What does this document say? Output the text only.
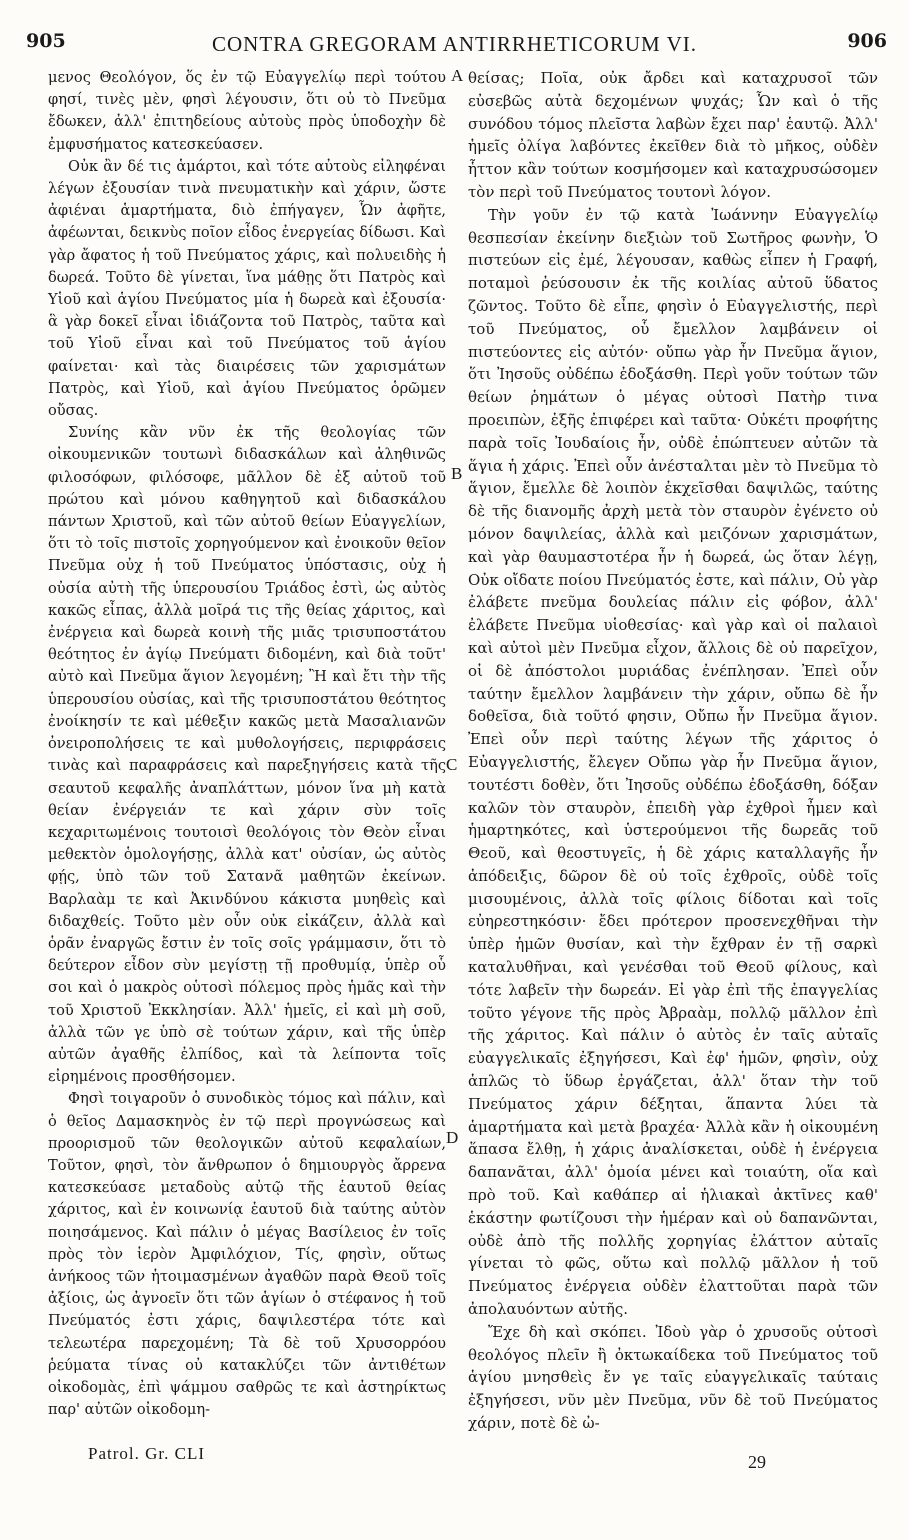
905	CONTRA GREGORAM ANTIRRHETICORUM VI.	906

μενος Θεολόγον, ὅς ἐν τῷ Εὐαγγελίῳ περὶ τούτου φησί, τινὲς μὲν, φησὶ λέγουσιν, ὅτι οὐ τὸ Πνεῦμα ἔδωκεν, ἀλλ' ἐπιτηδείους αὐτοὺς πρὸς ὑποδοχὴν δὲ ἐμφυσήματος κατεσκεύασεν.

Οὐκ ἂν δέ τις ἁμάρτοι, καὶ τότε αὐτοὺς εἰληφέναι λέγων ἐξουσίαν τινὰ πνευματικὴν καὶ χάριν, ὥστε ἀφιέναι ἁμαρτήματα, διὸ ἐπήγαγεν, Ὧν ἀφῆτε, ἀφέωνται, δεικνὺς ποῖον εἶδος ἐνεργείας δίδωσι. Καὶ γὰρ ἄφατος ἡ τοῦ Πνεύματος χάρις, καὶ πολυειδὴς ἡ δωρεά. Τοῦτο δὲ γίνεται, ἵνα μάθῃς ὅτι Πατρὸς καὶ Υἱοῦ καὶ ἁγίου Πνεύματος μία ἡ δωρεὰ καὶ ἐξουσία· ἃ γὰρ δοκεῖ εἶναι ἰδιάζοντα τοῦ Πατρὸς, ταῦτα καὶ τοῦ Υἱοῦ εἶναι καὶ τοῦ Πνεύματος τοῦ ἁγίου φαίνεται· καὶ τὰς διαιρέσεις τῶν χαρισμάτων Πατρὸς, καὶ Υἱοῦ, καὶ ἁγίου Πνεύματος ὁρῶμεν οὔσας.

Συνίης κἂν νῦν ἐκ τῆς θεολογίας τῶν οἰκουμενικῶν τουτωνὶ διδασκάλων καὶ ἀληθινῶς φιλοσόφων, φιλόσοφε, μᾶλλον δὲ ἐξ αὐτοῦ τοῦ πρώτου καὶ μόνου καθηγητοῦ καὶ διδασκάλου πάντων Χριστοῦ, καὶ τῶν αὐτοῦ θείων Εὐαγγελίων, ὅτι τὸ τοῖς πιστοῖς χορηγούμενον καὶ ἐνοικοῦν θεῖον Πνεῦμα οὐχ ἡ τοῦ Πνεύματος ὑπόστασις, οὐχ ἡ οὐσία αὐτὴ τῆς ὑπερουσίου Τριάδος ἐστὶ, ὡς αὐτὸς κακῶς εἶπας, ἀλλὰ μοῖρά τις τῆς θείας χάριτος, καὶ ἐνέργεια καὶ δωρεὰ κοινὴ τῆς μιᾶς τρισυποστάτου θεότητος ἐν ἁγίῳ Πνεύματι διδομένη, καὶ διὰ τοῦτ' αὐτὸ καὶ Πνεῦμα ἅγιον λεγομένη; Ἢ καὶ ἔτι τὴν τῆς ὑπερουσίου οὐσίας, καὶ τῆς τρισυποστάτου θεότητος ἐνοίκησίν τε καὶ μέθεξιν κακῶς μετὰ Μασαλιανῶν ὀνειροπολήσεις τε καὶ μυθολογήσεις, περιφράσεις τινὰς καὶ παραφράσεις καὶ παρεξηγήσεις κατὰ τῆς σεαυτοῦ κεφαλῆς ἀναπλάττων, μόνον ἵνα μὴ κατὰ θείαν ἐνέργειάν τε καὶ χάριν σὺν τοῖς κεχαριτωμένοις τουτοισὶ θεολόγοις τὸν Θεὸν εἶναι μεθεκτὸν ὁμολογήσῃς, ἀλλὰ κατ' οὐσίαν, ὡς αὐτὸς φῄς, ὑπὸ τῶν τοῦ Σατανᾶ μαθητῶν ἐκείνων. Βαρλαὰμ τε καὶ Ἀκινδύνου κάκιστα μυηθεὶς καὶ διδαχθείς. Τοῦτο μὲν οὖν οὐκ εἰκάζειν, ἀλλὰ καὶ ὁρᾶν ἐναργῶς ἔστιν ἐν τοῖς σοῖς γράμμασιν, ὅτι τὸ δεύτερον εἶδον σὺν μεγίστῃ τῇ προθυμίᾳ, ὑπὲρ οὗ σοι καὶ ὁ μακρὸς οὑτοσὶ πόλεμος πρὸς ἡμᾶς καὶ τὴν τοῦ Χριστοῦ Ἐκκλησίαν. Ἀλλ' ἡμεῖς, εἰ καὶ μὴ σοῦ, ἀλλὰ τῶν γε ὑπὸ σὲ τούτων χάριν, καὶ τῆς ὑπὲρ αὐτῶν ἀγαθῆς ἐλπίδος, καὶ τὰ λείποντα τοῖς εἰρημένοις προσθήσομεν.

Φησὶ τοιγαροῦν ὁ συνοδικὸς τόμος καὶ πάλιν, καὶ ὁ θεῖος Δαμασκηνὸς ἐν τῷ περὶ προγνώσεως καὶ προορισμοῦ τῶν θεολογικῶν αὐτοῦ κεφαλαίων, Τοῦτον, φησὶ, τὸν ἄνθρωπον ὁ δημιουργὸς ἄρρενα κατεσκεύασε μεταδοὺς αὐτῷ τῆς ἑαυτοῦ θείας χάριτος, καὶ ἐν κοινωνίᾳ ἑαυτοῦ διὰ ταύτης αὐτὸν ποιησάμενος. Καὶ πάλιν ὁ μέγας Βασίλειος ἐν τοῖς πρὸς τὸν ἱερὸν Ἀμφιλόχιον, Τίς, φησὶν, οὕτως ἀνήκοος τῶν ἡτοιμασμένων ἀγαθῶν παρὰ Θεοῦ τοῖς ἀξίοις, ὡς ἀγνοεῖν ὅτι τῶν ἁγίων ὁ στέφανος ἡ τοῦ Πνεύματός ἐστι χάρις, δαψιλεστέρα τότε καὶ τελεωτέρα παρεχομένη; Τὰ δὲ τοῦ Χρυσορρόου ῥεύματα τίνας οὐ κατακλύζει τῶν ἀντιθέτων οἰκοδομὰς, ἐπὶ ψάμμου σαθρῶς τε καὶ ἀστηρίκτως παρ' αὐτῶν οἰκοδομη-

A
B
C
D

θείσας; Ποῖα, οὐκ ἄρδει καὶ καταχρυσοῖ τῶν εὐσεβῶς αὐτὰ δεχομένων ψυχάς; Ὧν καὶ ὁ τῆς συνόδου τόμος πλεῖστα λαβὼν ἔχει παρ' ἑαυτῷ. Ἀλλ' ἡμεῖς ὀλίγα λαβόντες ἐκεῖθεν διὰ τὸ μῆκος, οὐδὲν ἧττον κἂν τούτων κοσμήσομεν καὶ καταχρυσώσομεν τὸν περὶ τοῦ Πνεύματος τουτονὶ λόγον.

Τὴν γοῦν ἐν τῷ κατὰ Ἰωάννην Εὐαγγελίῳ θεσπεσίαν ἐκείνην διεξιὼν τοῦ Σωτῆρος φωνὴν, Ὁ πιστεύων εἰς ἐμέ, λέγουσαν, καθὼς εἶπεν ἡ Γραφή, ποταμοὶ ῥεύσουσιν ἐκ τῆς κοιλίας αὐτοῦ ὕδατος ζῶντος. Τοῦτο δὲ εἶπε, φησὶν ὁ Εὐαγγελιστής, περὶ τοῦ Πνεύματος, οὗ ἔμελλον λαμβάνειν οἱ πιστεύοντες εἰς αὐτόν· οὔπω γὰρ ἦν Πνεῦμα ἅγιον, ὅτι Ἰησοῦς οὐδέπω ἐδοξάσθη. Περὶ γοῦν τούτων τῶν θείων ῥημάτων ὁ μέγας οὑτοσὶ Πατὴρ τινα προειπὼν, ἑξῆς ἐπιφέρει καὶ ταῦτα· Οὐκέτι προφήτης παρὰ τοῖς Ἰουδαίοις ἦν, οὐδὲ ἐπώπτευεν αὐτῶν τὰ ἅγια ἡ χάρις. Ἐπεὶ οὖν ἀνέσταλται μὲν τὸ Πνεῦμα τὸ ἅγιον, ἔμελλε δὲ λοιπὸν ἐκχεῖσθαι δαψιλῶς, ταύτης δὲ τῆς διανομῆς ἀρχὴ μετὰ τὸν σταυρὸν ἐγένετο οὐ μόνον δαψιλείας, ἀλλὰ καὶ μειζόνων χαρισμάτων, καὶ γὰρ θαυμαστοτέρα ἦν ἡ δωρεά, ὡς ὅταν λέγῃ, Οὐκ οἴδατε ποίου Πνεύματός ἐστε, καὶ πάλιν, Οὐ γὰρ ἐλάβετε πνεῦμα δουλείας πάλιν εἰς φόβον, ἀλλ' ἐλάβετε Πνεῦμα υἱοθεσίας· καὶ γὰρ καὶ οἱ παλαιοὶ καὶ αὐτοὶ μὲν Πνεῦμα εἶχον, ἄλλοις δὲ οὐ παρεῖχον, οἱ δὲ ἀπόστολοι μυριάδας ἐνέπλησαν. Ἐπεὶ οὖν ταύτην ἔμελλον λαμβάνειν τὴν χάριν, οὔπω δὲ ἦν δοθεῖσα, διὰ τοῦτό φησιν, Οὔπω ἦν Πνεῦμα ἅγιον. Ἐπεὶ οὖν περὶ ταύτης λέγων τῆς χάριτος ὁ Εὐαγγελιστής, ἔλεγεν Οὔπω γὰρ ἦν Πνεῦμα ἅγιον, τουτέστι δοθὲν, ὅτι Ἰησοῦς οὐδέπω ἐδοξάσθη, δόξαν καλῶν τὸν σταυρὸν, ἐπειδὴ γὰρ ἐχθροὶ ἦμεν καὶ ἡμαρτηκότες, καὶ ὑστερούμενοι τῆς δωρεᾶς τοῦ Θεοῦ, καὶ θεοστυγεῖς, ἡ δὲ χάρις καταλλαγῆς ἦν ἀπόδειξις, δῶρον δὲ οὐ τοῖς ἐχθροῖς, οὐδὲ τοῖς μισουμένοις, ἀλλὰ τοῖς φίλοις δίδοται καὶ τοῖς εὐηρεστηκόσιν· ἔδει πρότερον προσενεχθῆναι τὴν ὑπὲρ ἡμῶν θυσίαν, καὶ τὴν ἔχθραν ἐν τῇ σαρκὶ καταλυθῆναι, καὶ γενέσθαι τοῦ Θεοῦ φίλους, καὶ τότε λαβεῖν τὴν δωρεάν. Εἰ γὰρ ἐπὶ τῆς ἐπαγγελίας τοῦτο γέγονε τῆς πρὸς Ἀβραὰμ, πολλῷ μᾶλλον ἐπὶ τῆς χάριτος. Καὶ πάλιν ὁ αὐτὸς ἐν ταῖς αὐταῖς εὐαγγελικαῖς ἐξηγήσεσι, Καὶ ἐφ' ἡμῶν, φησὶν, οὐχ ἁπλῶς τὸ ὕδωρ ἐργάζεται, ἀλλ' ὅταν τὴν τοῦ Πνεύματος χάριν δέξηται, ἅπαντα λύει τὰ ἁμαρτήματα καὶ μετὰ βραχέα· Ἀλλὰ κἂν ἡ οἰκουμένη ἅπασα ἔλθῃ, ἡ χάρις ἀναλίσκεται, οὐδὲ ἡ ἐνέργεια δαπανᾶται, ἀλλ' ὁμοία μένει καὶ τοιαύτη, οἵα καὶ πρὸ τοῦ. Καὶ καθάπερ αἱ ἡλιακαὶ ἀκτῖνες καθ' ἑκάστην φωτίζουσι τὴν ἡμέραν καὶ οὐ δαπανῶνται, οὐδὲ ἀπὸ τῆς πολλῆς χορηγίας ἐλάττον αὐταῖς γίνεται τὸ φῶς, οὕτω καὶ πολλῷ μᾶλλον ἡ τοῦ Πνεύματος ἐνέργεια οὐδὲν ἐλαττοῦται παρὰ τῶν ἀπολαυόντων αὐτῆς.

Ἔχε δὴ καὶ σκόπει. Ἰδοὺ γὰρ ὁ χρυσοῦς οὑτοσὶ θεολόγος πλεῖν ἢ ὀκτωκαίδεκα τοῦ Πνεύματος τοῦ ἁγίου μνησθεὶς ἔν γε ταῖς εὐαγγελικαῖς ταύταις ἐξηγήσεσι, νῦν μὲν Πνεῦμα, νῦν δὲ τοῦ Πνεύματος χάριν, ποτὲ δὲ ὠ-

Patrol. Gr. CLI	29
